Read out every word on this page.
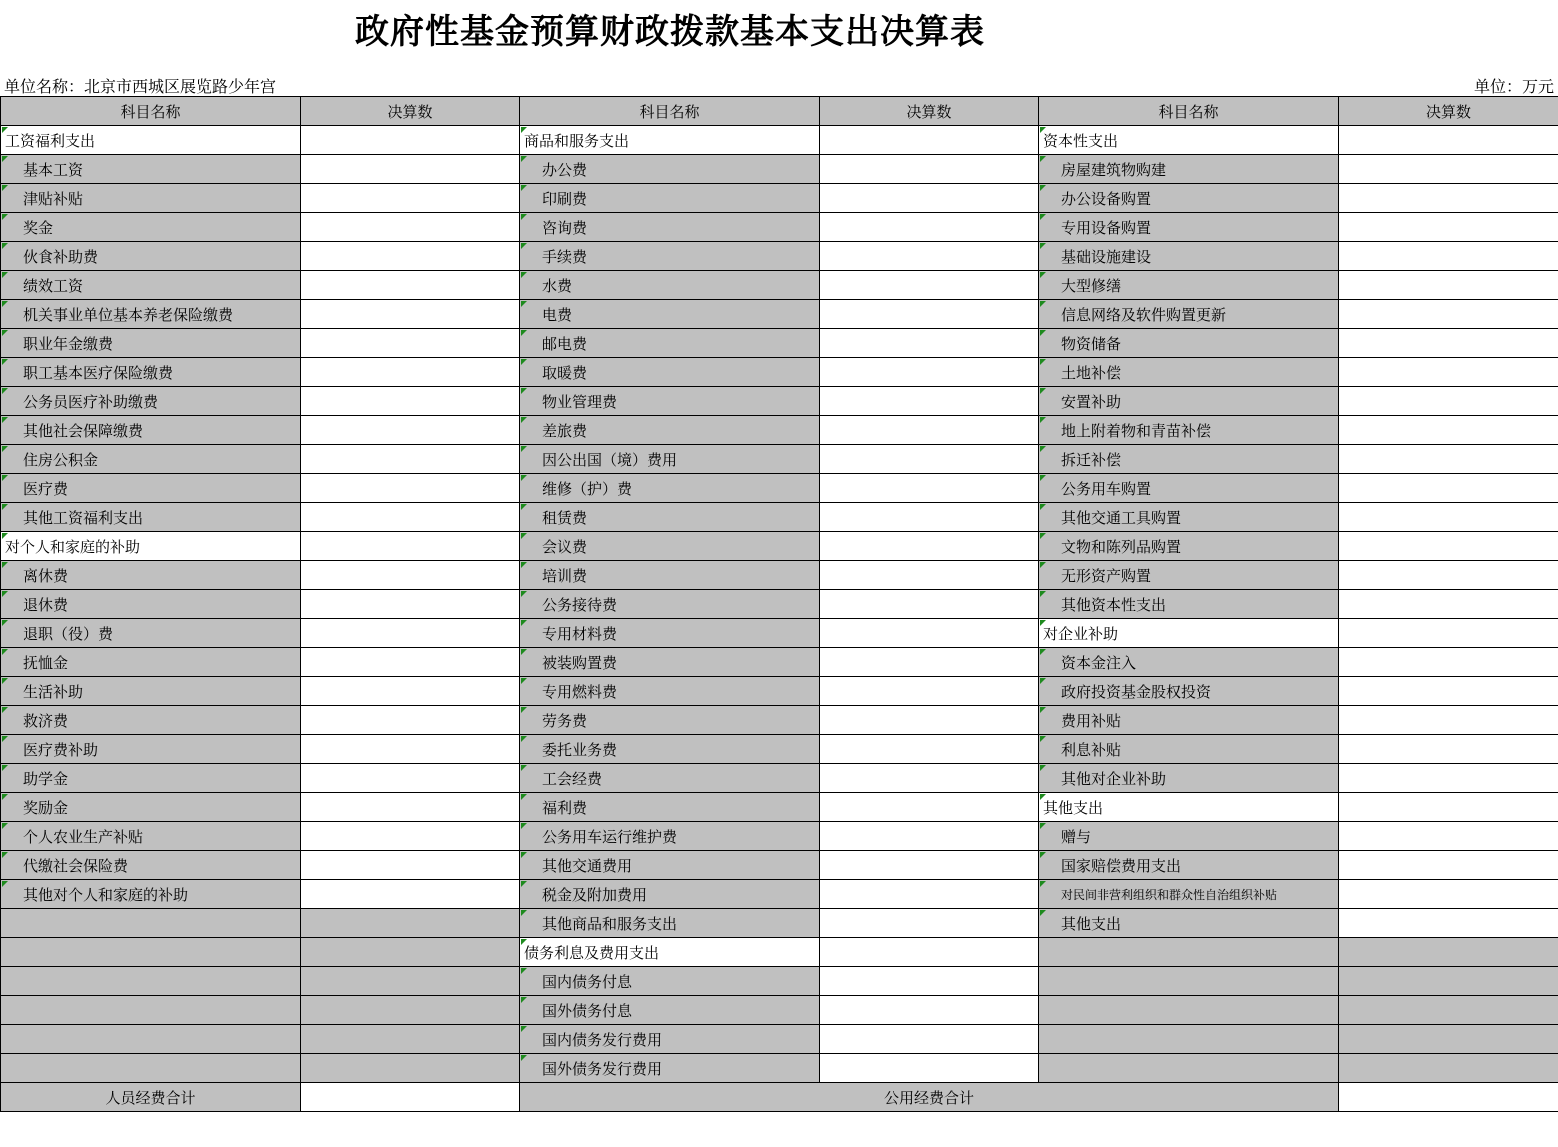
政府性基金预算财政拨款基本支出决算表
单位名称：北京市西城区展览路少年宫	单位：万元
科目名称	决算数	科目名称	决算数	科目名称	决算数
工资福利支出		商品和服务支出		资本性支出	
基本工资		办公费		房屋建筑物购建	
津贴补贴		印刷费		办公设备购置	
奖金		咨询费		专用设备购置	
伙食补助费		手续费		基础设施建设	
绩效工资		水费		大型修缮	
机关事业单位基本养老保险缴费		电费		信息网络及软件购置更新	
职业年金缴费		邮电费		物资储备	
职工基本医疗保险缴费		取暖费		土地补偿	
公务员医疗补助缴费		物业管理费		安置补助	
其他社会保障缴费		差旅费		地上附着物和青苗补偿	
住房公积金		因公出国（境）费用		拆迁补偿	
医疗费		维修（护）费		公务用车购置	
其他工资福利支出		租赁费		其他交通工具购置	
对个人和家庭的补助		会议费		文物和陈列品购置	
离休费		培训费		无形资产购置	
退休费		公务接待费		其他资本性支出	
退职（役）费		专用材料费		对企业补助	
抚恤金		被装购置费		资本金注入	
生活补助		专用燃料费		政府投资基金股权投资	
救济费		劳务费		费用补贴	
医疗费补助		委托业务费		利息补贴	
助学金		工会经费		其他对企业补助	
奖励金		福利费		其他支出	
个人农业生产补贴		公务用车运行维护费		赠与	
代缴社会保险费		其他交通费用		国家赔偿费用支出	
其他对个人和家庭的补助		税金及附加费用		对民间非营利组织和群众性自治组织补贴	
		其他商品和服务支出		其他支出	
		债务利息及费用支出			
		国内债务付息			
		国外债务付息			
		国内债务发行费用			
		国外债务发行费用			
人员经费合计		公用经费合计			
